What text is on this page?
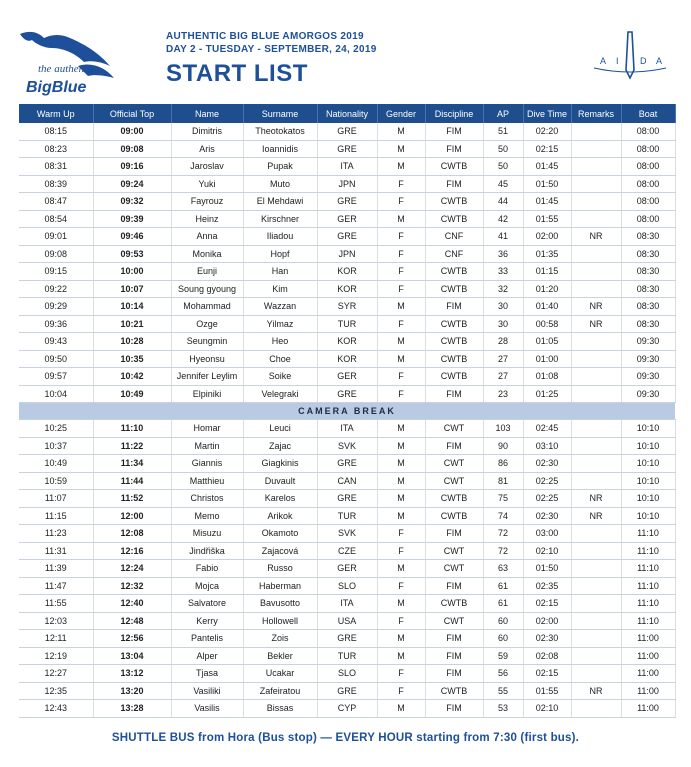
the authentic
BigBlue
AUTHENTIC BIG BLUE AMORGOS 2019
DAY 2 - TUESDAY - SEPTEMBER, 24, 2019
START LIST	A I D A
Warm Up	Official Top	Name	Surname	Nationality	Gender	Discipline	AP	Dive Time	Remarks	Boat
08:15	09:00	Dimitris	Theotokatos	GRE	M	FIM	51	02:20		08:00
08:23	09:08	Aris	Ioannidis	GRE	M	FIM	50	02:15		08:00
08:31	09:16	Jaroslav	Pupak	ITA	M	CWTB	50	01:45		08:00
08:39	09:24	Yuki	Muto	JPN	F	FIM	45	01:50		08:00
08:47	09:32	Fayrouz	El Mehdawi	GRE	F	CWTB	44	01:45		08:00
08:54	09:39	Heinz	Kirschner	GER	M	CWTB	42	01:55		08:00
09:01	09:46	Anna	Iliadou	GRE	F	CNF	41	02:00	NR	08:30
09:08	09:53	Monika	Hopf	JPN	F	CNF	36	01:35		08:30
09:15	10:00	Eunji	Han	KOR	F	CWTB	33	01:15		08:30
09:22	10:07	Soung gyoung	Kim	KOR	F	CWTB	32	01:20		08:30
09:29	10:14	Mohammad	Wazzan	SYR	M	FIM	30	01:40	NR	08:30
09:36	10:21	Ozge	Yilmaz	TUR	F	CWTB	30	00:58	NR	08:30
09:43	10:28	Seungmin	Heo	KOR	M	CWTB	28	01:05		09:30
09:50	10:35	Hyeonsu	Choe	KOR	M	CWTB	27	01:00		09:30
09:57	10:42	Jennifer Leylim	Soike	GER	F	CWTB	27	01:08		09:30
10:04	10:49	Elpiniki	Velegraki	GRE	F	FIM	23	01:25		09:30
CAMERA BREAK										
10:25	11:10	Homar	Leuci	ITA	M	CWT	103	02:45		10:10
10:37	11:22	Martin	Zajac	SVK	M	FIM	90	03:10		10:10
10:49	11:34	Giannis	Giagkinis	GRE	M	CWT	86	02:30		10:10
10:59	11:44	Matthieu	Duvault	CAN	M	CWT	81	02:25		10:10
11:07	11:52	Christos	Karelos	GRE	M	CWTB	75	02:25	NR	10:10
11:15	12:00	Memo	Arikok	TUR	M	CWTB	74	02:30	NR	10:10
11:23	12:08	Misuzu	Okamoto	SVK	F	FIM	72	03:00		11:10
11:31	12:16	Jindřiška	Zajacová	CZE	F	CWT	72	02:10		11:10
11:39	12:24	Fabio	Russo	GER	M	CWT	63	01:50		11:10
11:47	12:32	Mojca	Haberman	SLO	F	FIM	61	02:35		11:10
11:55	12:40	Salvatore	Bavusotto	ITA	M	CWTB	61	02:15		11:10
12:03	12:48	Kerry	Hollowell	USA	F	CWT	60	02:00		11:10
12:11	12:56	Pantelis	Zois	GRE	M	FIM	60	02:30		11:00
12:19	13:04	Alper	Bekler	TUR	M	FIM	59	02:08		11:00
12:27	13:12	Tjasa	Ucakar	SLO	F	FIM	56	02:15		11:00
12:35	13:20	Vasiliki	Zafeiratou	GRE	F	CWTB	55	01:55	NR	11:00
12:43	13:28	Vasilis	Bissas	CYP	M	FIM	53	02:10		11:00
SHUTTLE BUS from Hora (Bus stop) — EVERY HOUR starting from 7:30 (first bus).
